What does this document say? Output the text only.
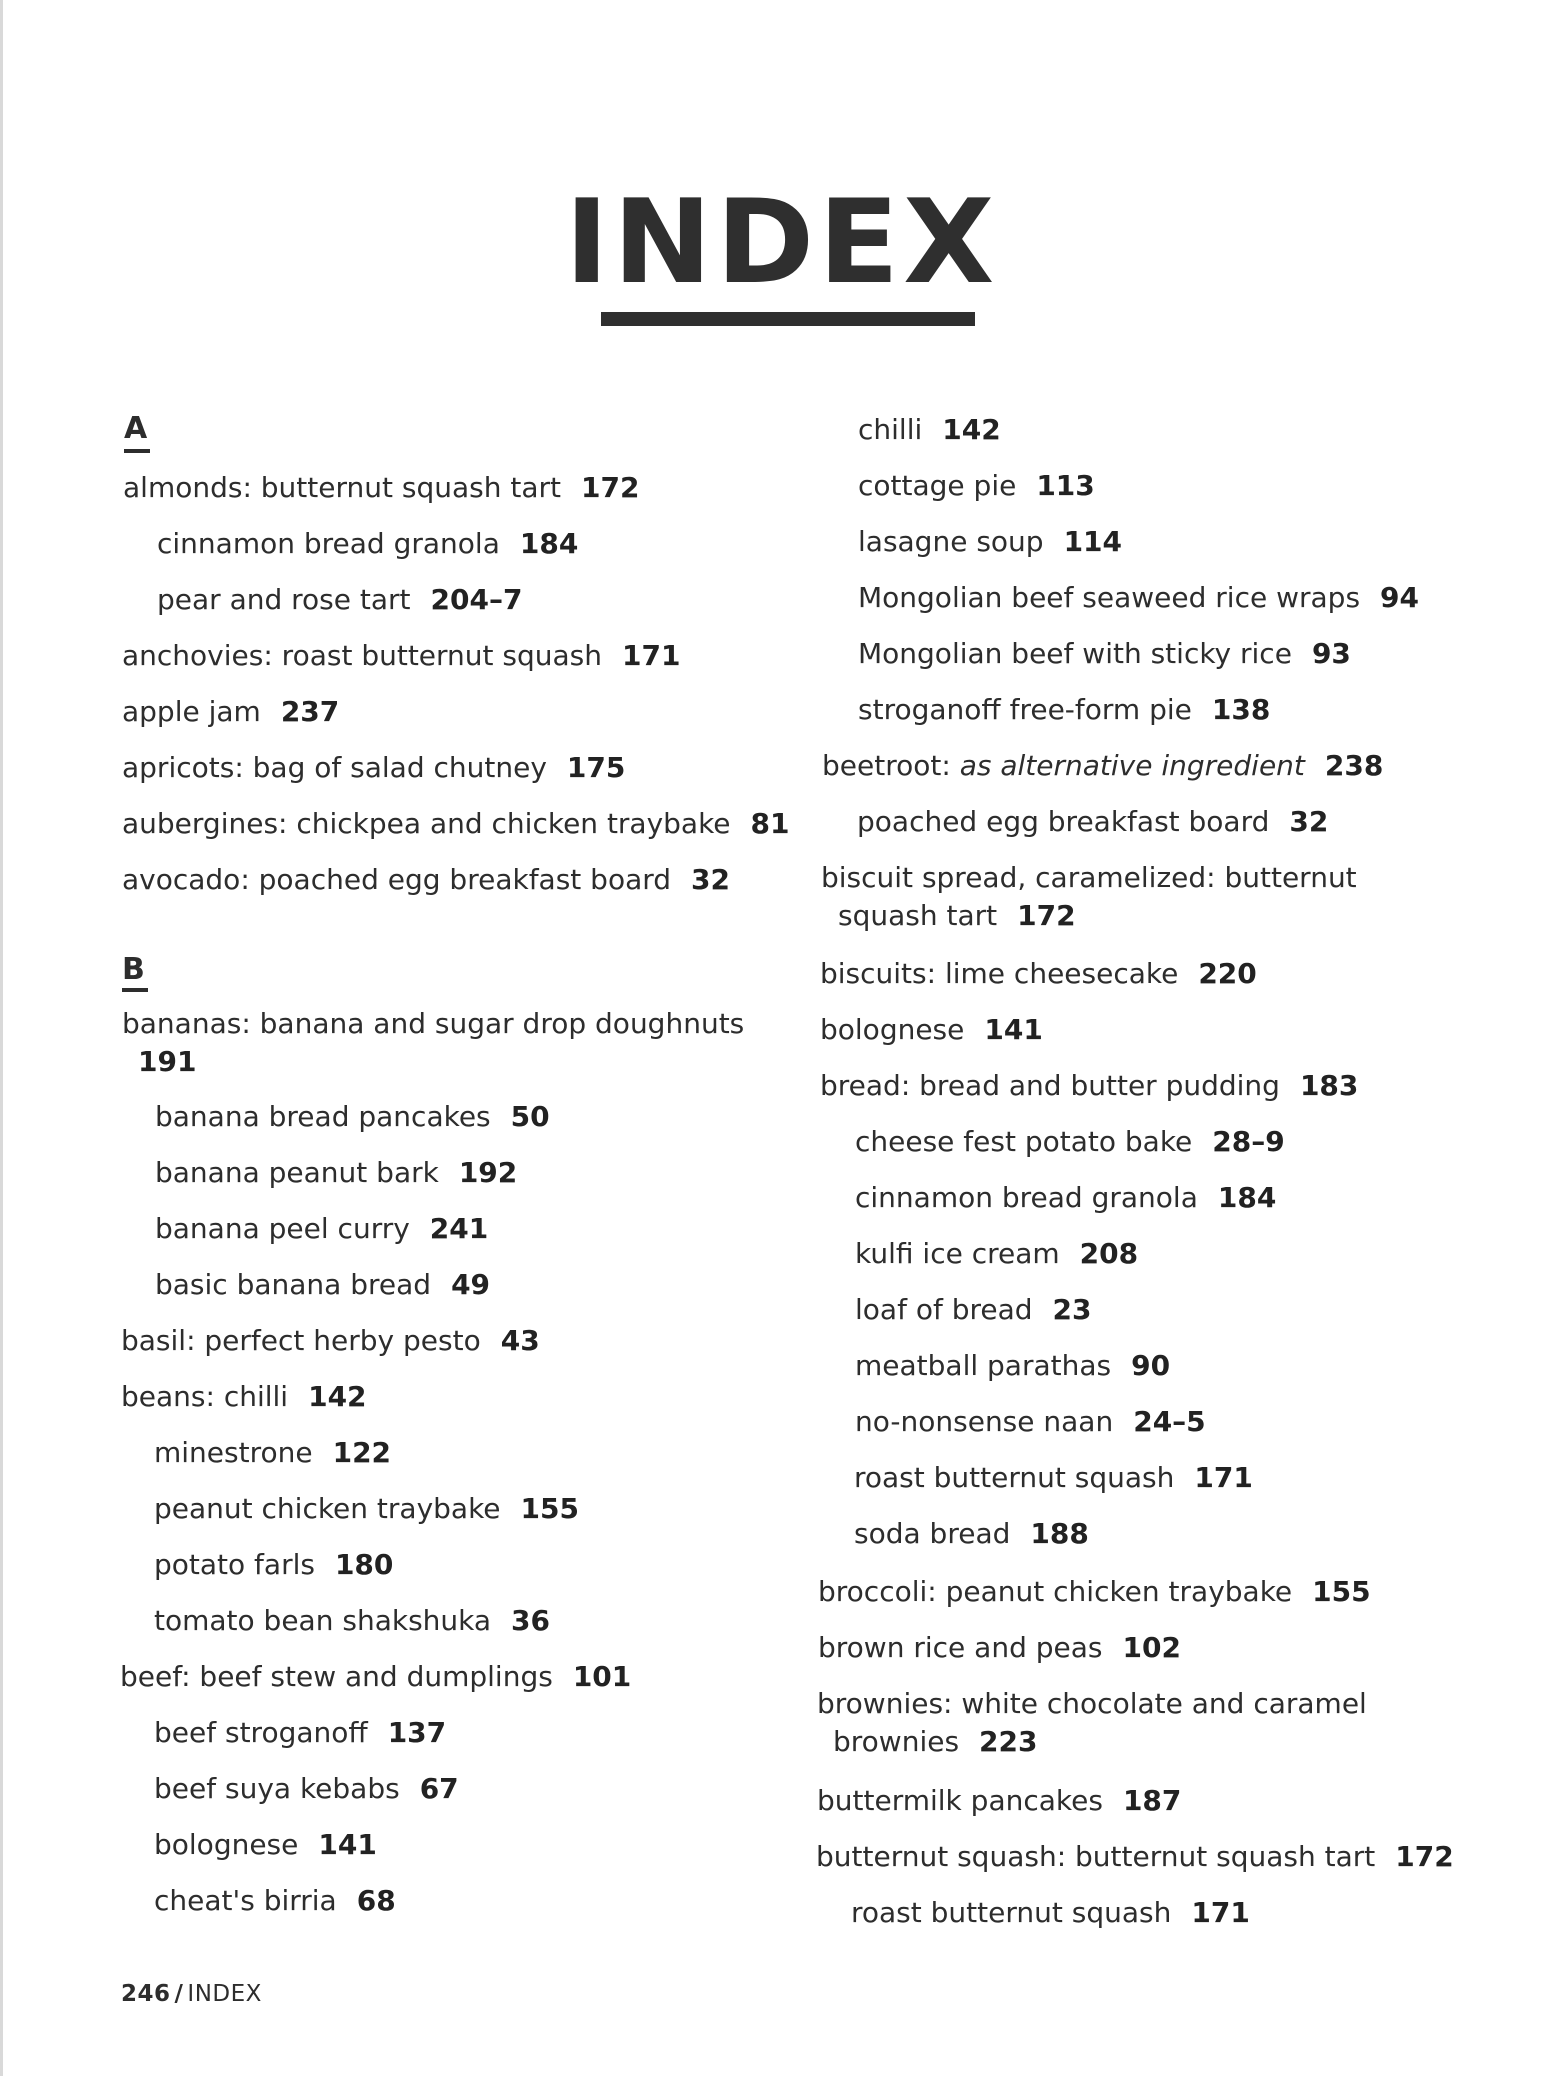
INDEX
A
almonds: butternut squash tart 172
cinnamon bread granola 184
pear and rose tart 204–7
anchovies: roast butternut squash 171
apple jam 237
apricots: bag of salad chutney 175
aubergines: chickpea and chicken traybake 81
avocado: poached egg breakfast board 32
B
bananas: banana and sugar drop doughnuts
191
banana bread pancakes 50
banana peanut bark 192
banana peel curry 241
basic banana bread 49
basil: perfect herby pesto 43
beans: chilli 142
minestrone 122
peanut chicken traybake 155
potato farls 180
tomato bean shakshuka 36
beef: beef stew and dumplings 101
beef stroganoff 137
beef suya kebabs 67
bolognese 141
cheat's birria 68
chilli 142
cottage pie 113
lasagne soup 114
Mongolian beef seaweed rice wraps 94
Mongolian beef with sticky rice 93
stroganoff free-form pie 138
beetroot: as alternative ingredient 238
poached egg breakfast board 32
biscuit spread, caramelized: butternut
squash tart 172
biscuits: lime cheesecake 220
bolognese 141
bread: bread and butter pudding 183
cheese fest potato bake 28–9
cinnamon bread granola 184
kulfi ice cream 208
loaf of bread 23
meatball parathas 90
no-nonsense naan 24–5
roast butternut squash 171
soda bread 188
broccoli: peanut chicken traybake 155
brown rice and peas 102
brownies: white chocolate and caramel
brownies 223
buttermilk pancakes 187
butternut squash: butternut squash tart 172
roast butternut squash 171
246 / INDEX
